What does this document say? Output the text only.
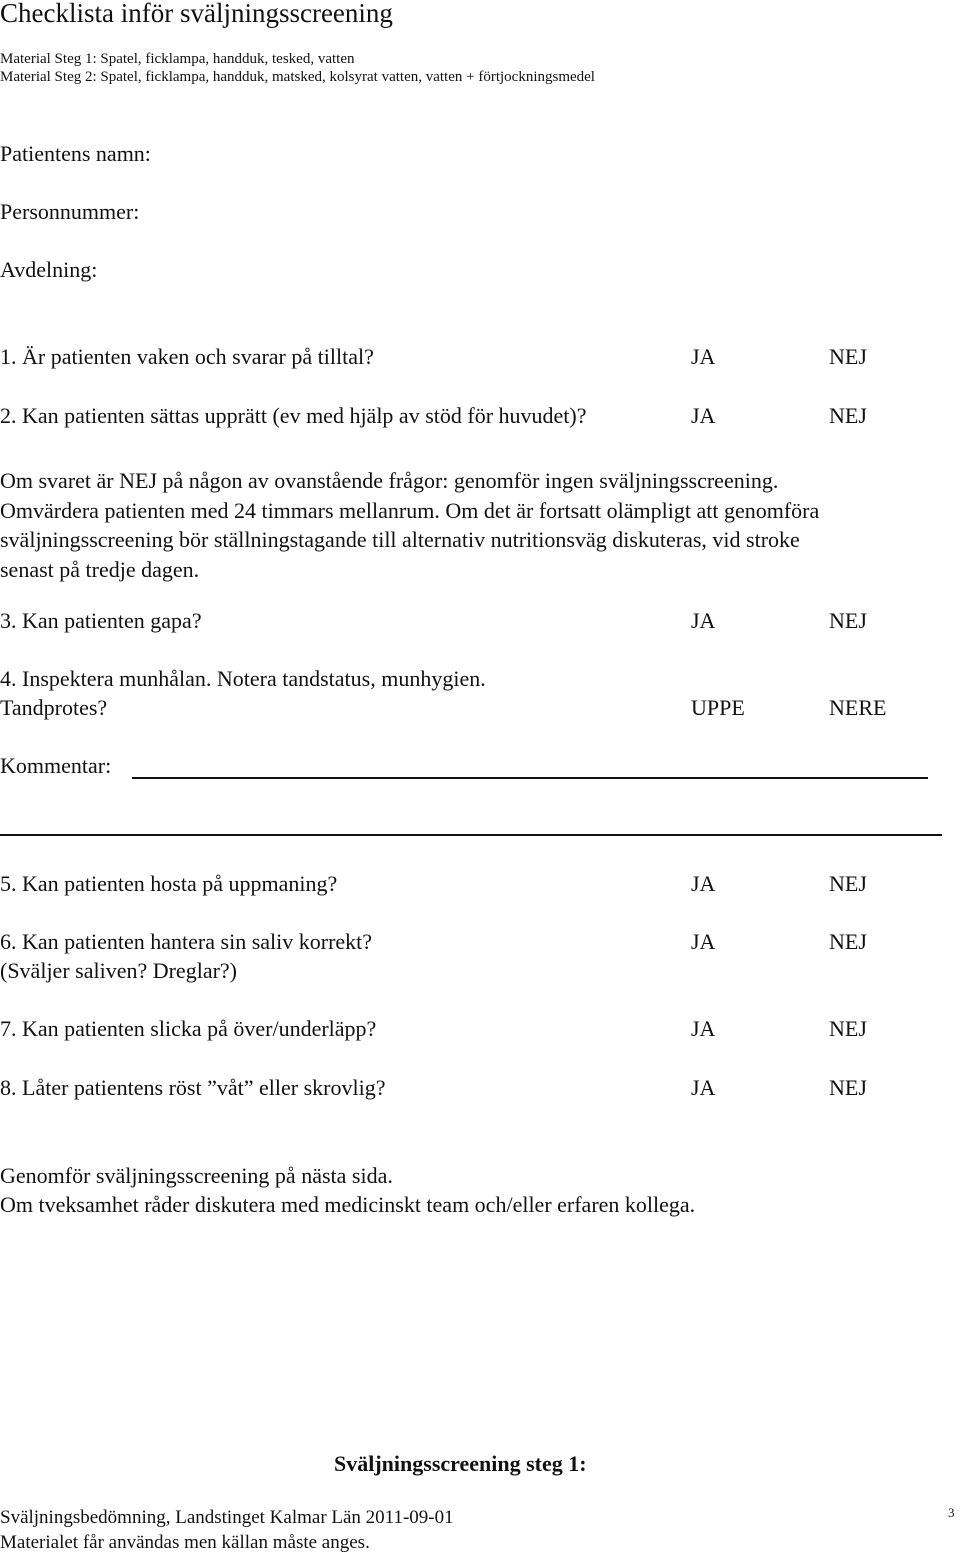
Checklista inför sväljningsscreening
Material Steg 1: Spatel, ficklampa, handduk, tesked, vatten
Material Steg 2: Spatel, ficklampa, handduk, matsked, kolsyrat vatten, vatten + förtjockningsmedel
Patientens namn:
Personnummer:
Avdelning:
1. Är patienten vaken och svarar på tilltal?	JA	NEJ
2. Kan patienten sättas upprätt (ev med hjälp av stöd för huvudet)?	JA	NEJ
Om svaret är NEJ på någon av ovanstående frågor: genomför ingen sväljningsscreening.
Omvärdera patienten med 24 timmars mellanrum. Om det är fortsatt olämpligt att genomföra
sväljningsscreening bör ställningstagande till alternativ nutritionsväg diskuteras, vid stroke
senast på tredje dagen.
3. Kan patienten gapa?	JA	NEJ
4. Inspektera munhålan. Notera tandstatus, munhygien.
Tandprotes?	UPPE	NERE
Kommentar:
5. Kan patienten hosta på uppmaning?	JA	NEJ
6. Kan patienten hantera sin saliv korrekt?	JA	NEJ
(Sväljer saliven? Dreglar?)
7. Kan patienten slicka på över/underläpp?	JA	NEJ
8. Låter patientens röst ”våt” eller skrovlig?	JA	NEJ
Genomför sväljningsscreening på nästa sida.
Om tveksamhet råder diskutera med medicinskt team och/eller erfaren kollega.
Sväljningsscreening steg 1:
Sväljningsbedömning, Landstinget Kalmar Län 2011-09-01
Materialet får användas men källan måste anges.
3
